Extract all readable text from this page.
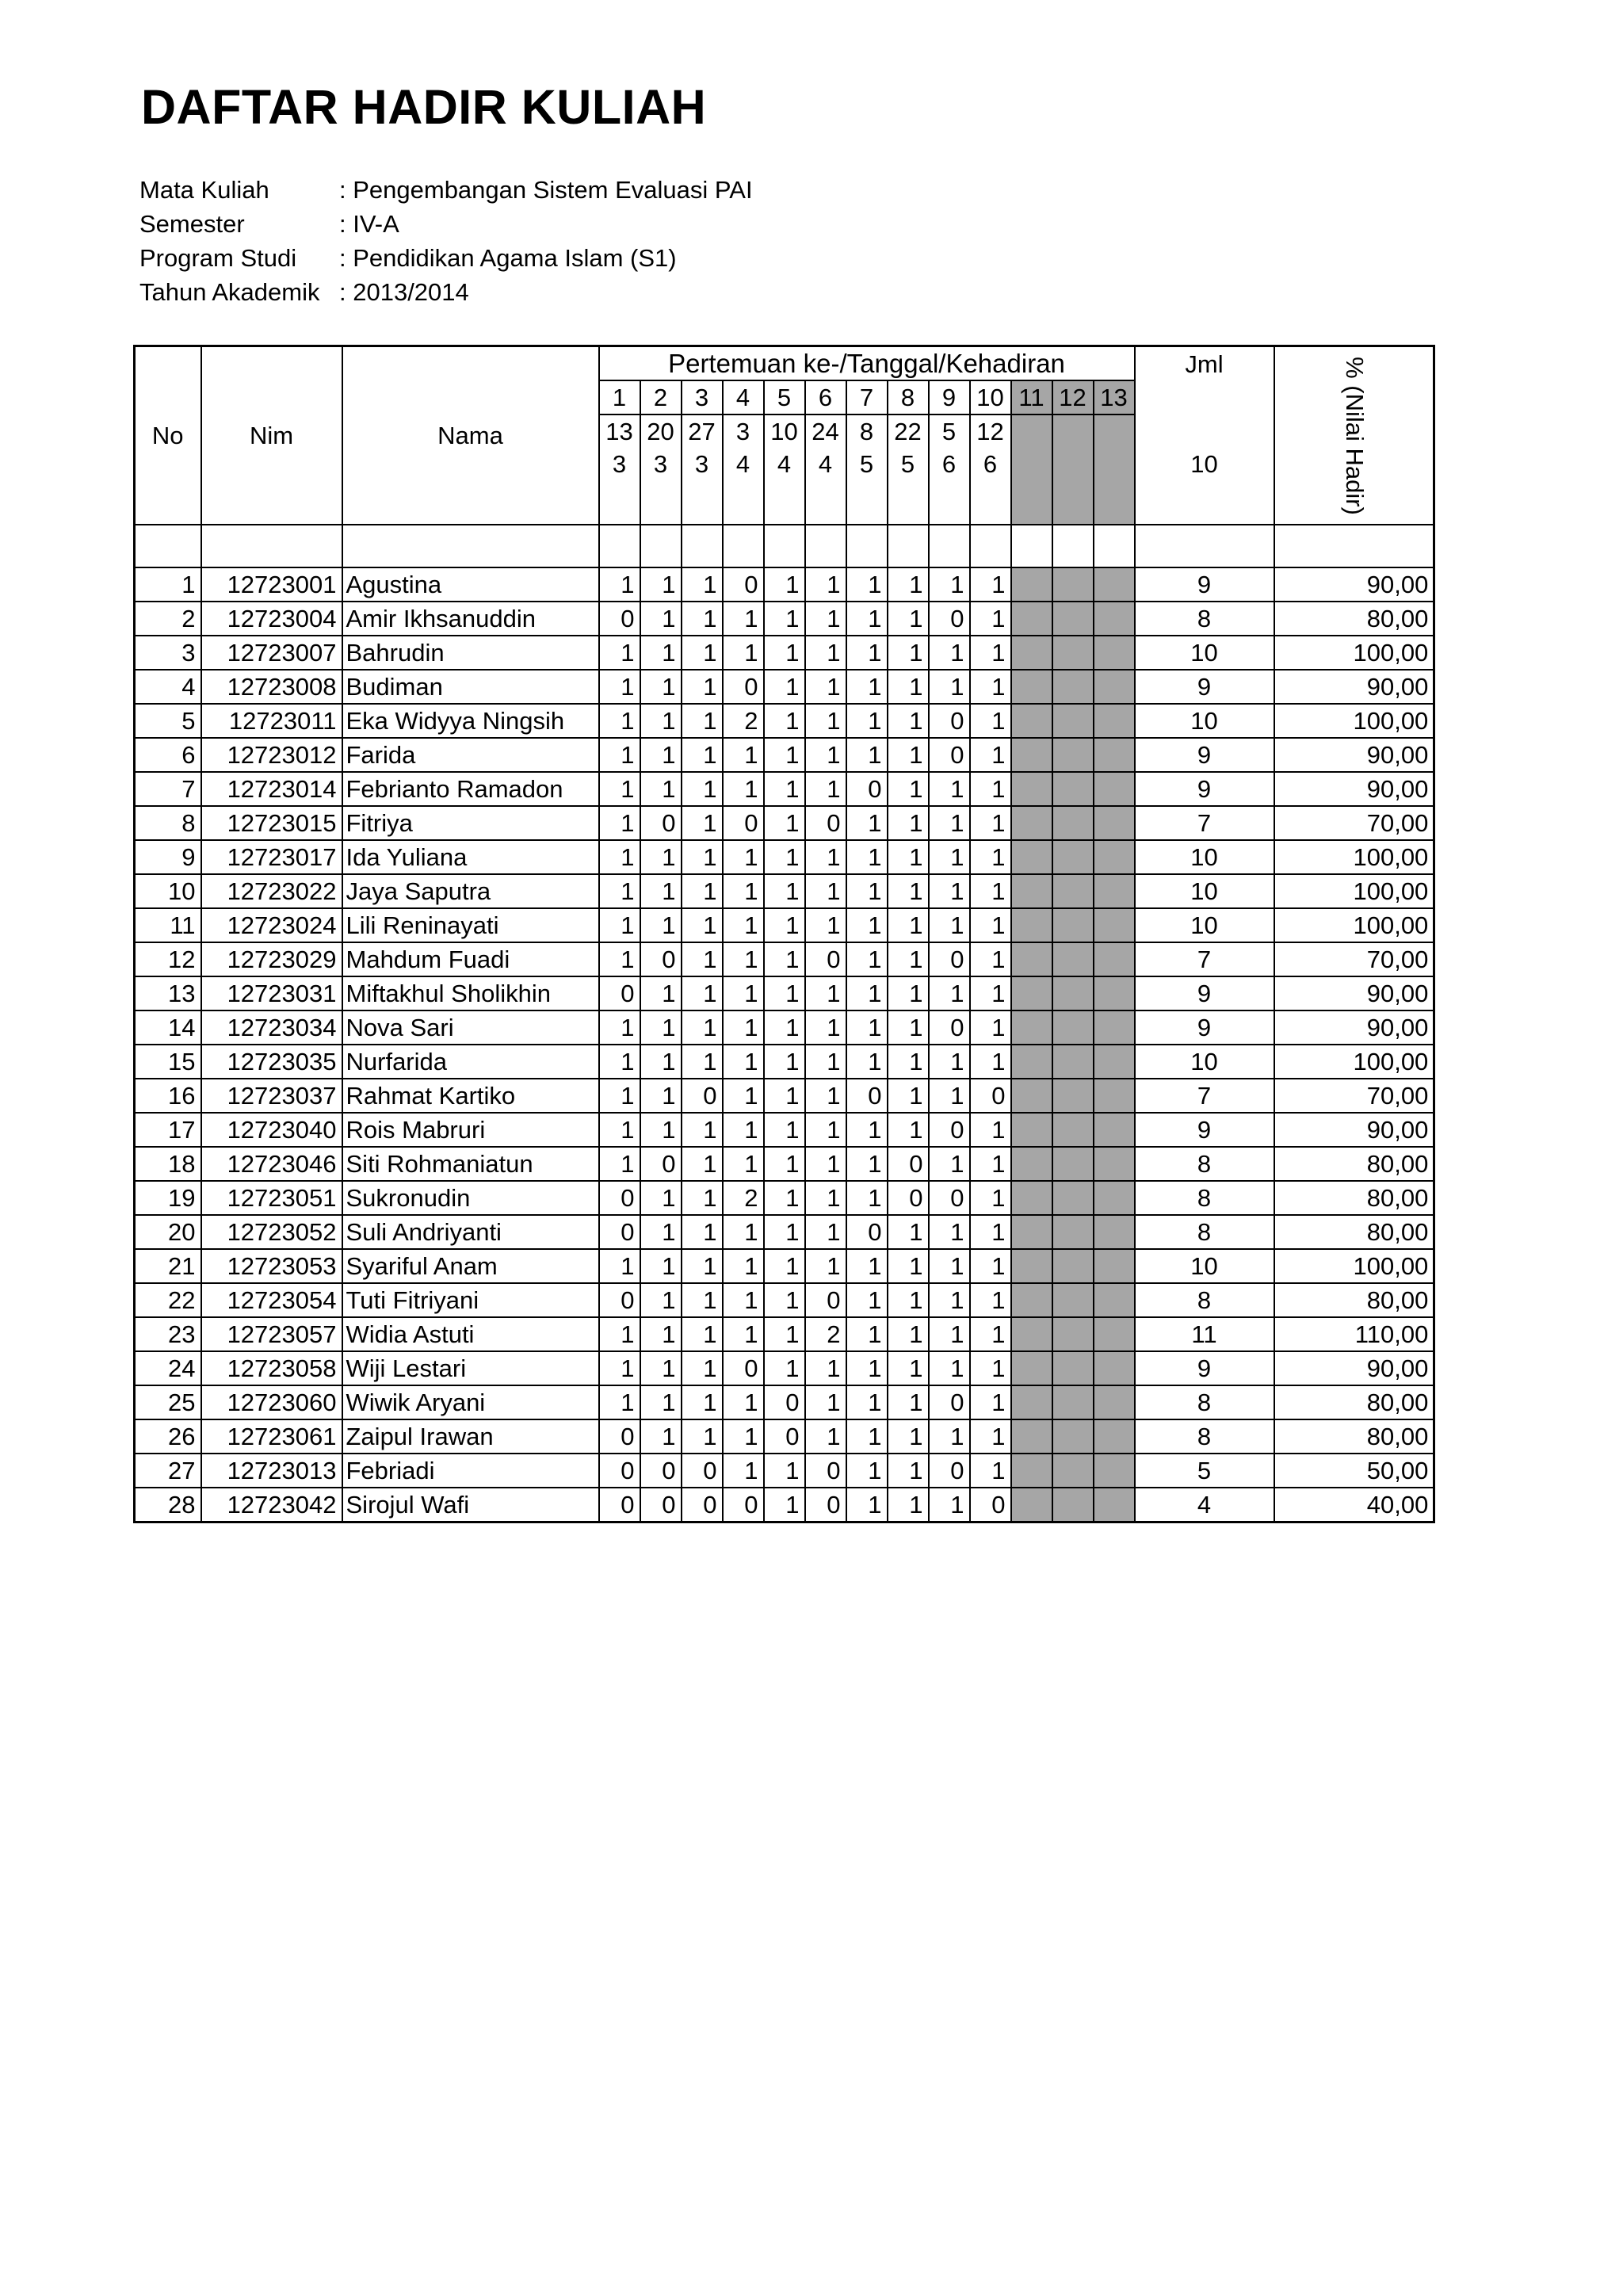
DAFTAR HADIR KULIAH
Mata Kuliah	: Pengembangan Sistem Evaluasi PAI
Semester	: IV-A
Program Studi	: Pendidikan Agama Islam (S1)
Tahun Akademik : 2013/2014
No	Nim	Nama	Pertemuan ke-/Tanggal/Kehadiran													Jml	% (Nilai Hadir)
			1	2	3	4	5	6	7	8	9	10	11	12	13		
			13	20	27	3	10	24	8	22	5	12					
			3	3	3	4	4	4	5	5	6	6				10	

1	12723001	Agustina	1	1	1	0	1	1	1	1	1	1				9	90,00
2	12723004	Amir Ikhsanuddin	0	1	1	1	1	1	1	1	0	1				8	80,00
3	12723007	Bahrudin	1	1	1	1	1	1	1	1	1	1				10	100,00
4	12723008	Budiman	1	1	1	0	1	1	1	1	1	1				9	90,00
5	12723011	Eka Widyya Ningsih	1	1	1	2	1	1	1	1	0	1				10	100,00
6	12723012	Farida	1	1	1	1	1	1	1	1	0	1				9	90,00
7	12723014	Febrianto Ramadon	1	1	1	1	1	1	0	1	1	1				9	90,00
8	12723015	Fitriya	1	0	1	0	1	0	1	1	1	1				7	70,00
9	12723017	Ida Yuliana	1	1	1	1	1	1	1	1	1	1				10	100,00
10	12723022	Jaya Saputra	1	1	1	1	1	1	1	1	1	1				10	100,00
11	12723024	Lili Reninayati	1	1	1	1	1	1	1	1	1	1				10	100,00
12	12723029	Mahdum Fuadi	1	0	1	1	1	0	1	1	0	1				7	70,00
13	12723031	Miftakhul Sholikhin	0	1	1	1	1	1	1	1	1	1				9	90,00
14	12723034	Nova Sari	1	1	1	1	1	1	1	1	0	1				9	90,00
15	12723035	Nurfarida	1	1	1	1	1	1	1	1	1	1				10	100,00
16	12723037	Rahmat Kartiko	1	1	0	1	1	1	0	1	1	0				7	70,00
17	12723040	Rois Mabruri	1	1	1	1	1	1	1	1	0	1				9	90,00
18	12723046	Siti Rohmaniatun	1	0	1	1	1	1	1	0	1	1				8	80,00
19	12723051	Sukronudin	0	1	1	2	1	1	1	0	0	1				8	80,00
20	12723052	Suli Andriyanti	0	1	1	1	1	1	0	1	1	1				8	80,00
21	12723053	Syariful Anam	1	1	1	1	1	1	1	1	1	1				10	100,00
22	12723054	Tuti Fitriyani	0	1	1	1	1	0	1	1	1	1				8	80,00
23	12723057	Widia Astuti	1	1	1	1	1	2	1	1	1	1				11	110,00
24	12723058	Wiji Lestari	1	1	1	0	1	1	1	1	1	1				9	90,00
25	12723060	Wiwik Aryani	1	1	1	1	0	1	1	1	0	1				8	80,00
26	12723061	Zaipul Irawan	0	1	1	1	0	1	1	1	1	1				8	80,00
27	12723013	Febriadi	0	0	0	1	1	0	1	1	0	1				5	50,00
28	12723042	Sirojul Wafi	0	0	0	0	1	0	1	1	1	0				4	40,00
